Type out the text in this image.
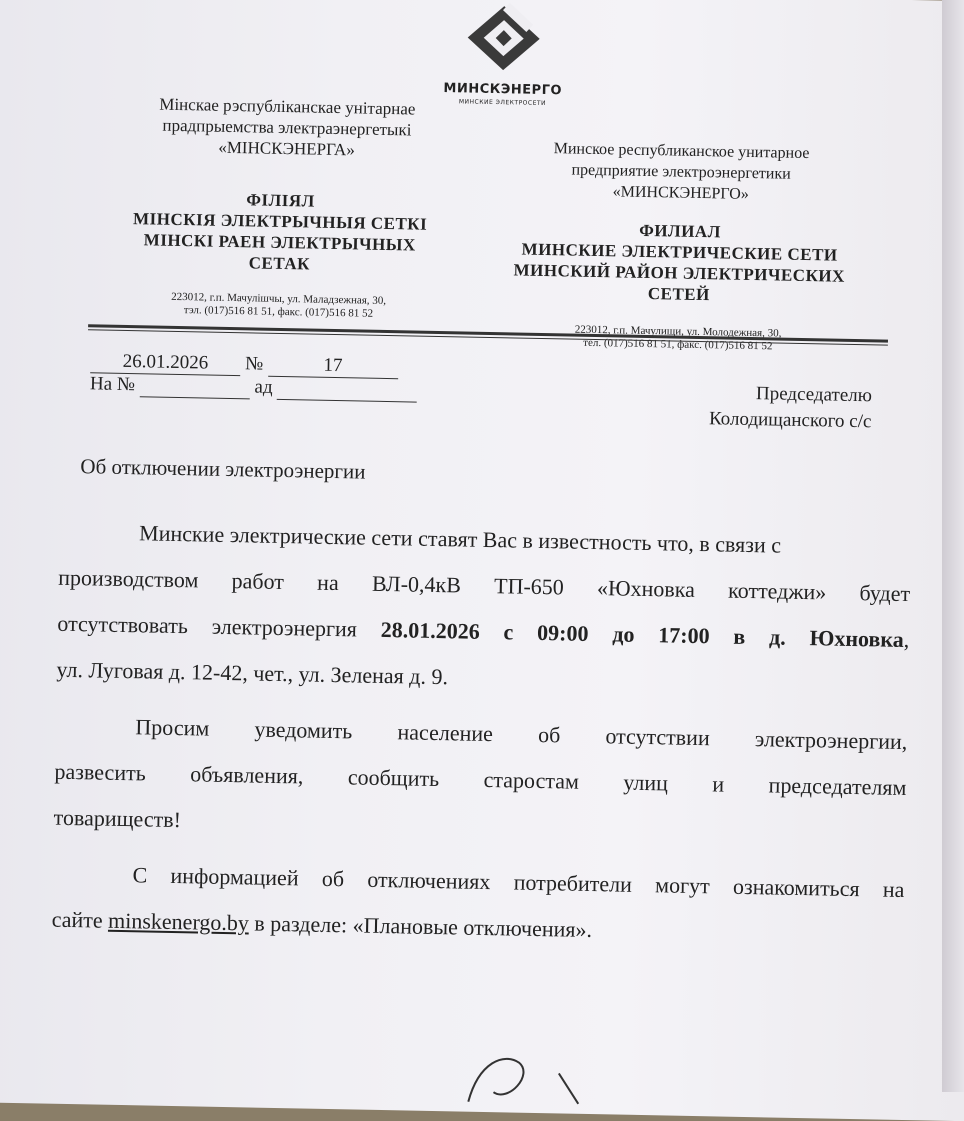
МИНСКЭНЕРГО
МИНСКИЕ ЭЛЕКТРОСЕТИ
Мінскае рэспубліканскае унітарнае
прадпрыемства электраэнергетыкі
«МІНСКЭНЕРГА»
ФІЛІЯЛ
МІНСКІЯ ЭЛЕКТРЫЧНЫЯ СЕТКІ
МІНСКІ РАЕН ЭЛЕКТРЫЧНЫХ
СЕТАК
223012, г.п. Мачулішчы, ул. Маладзежная, 30,
тэл. (017)516 81 51, факс. (017)516 81 52
Минское республиканское унитарное
предприятие электроэнергетики
«МИНСКЭНЕРГО»
ФИЛИАЛ
МИНСКИЕ ЭЛЕКТРИЧЕСКИЕ СЕТИ
МИНСКИЙ РАЙОН ЭЛЕКТРИЧЕСКИХ
СЕТЕЙ
223012, г.п. Мачулищи, ул. Молодежная, 30,
тел. (017)516 81 51, факс. (017)516 81 52
26.01.2026 №	17
На №	ад	Председателю
Колодищанского с/с
Об отключении электроэнергии
Минские электрические сети ставят Вас в известность что, в связи с
производством работ на ВЛ-0,4кВ ТП-650 «Юхновка коттеджи» будет
отсутствовать электроэнергия 28.01.2026 с 09:00 до 17:00 в д. Юхновка,
ул. Луговая д. 12-42, чет., ул. Зеленая д. 9.
Просим уведомить население об отсутствии электроэнергии,
развесить объявления, сообщить старостам улиц и председателям
товариществ!
С информацией об отключениях потребители могут ознакомиться на
сайте minskenergo.by в разделе: «Плановые отключения».
